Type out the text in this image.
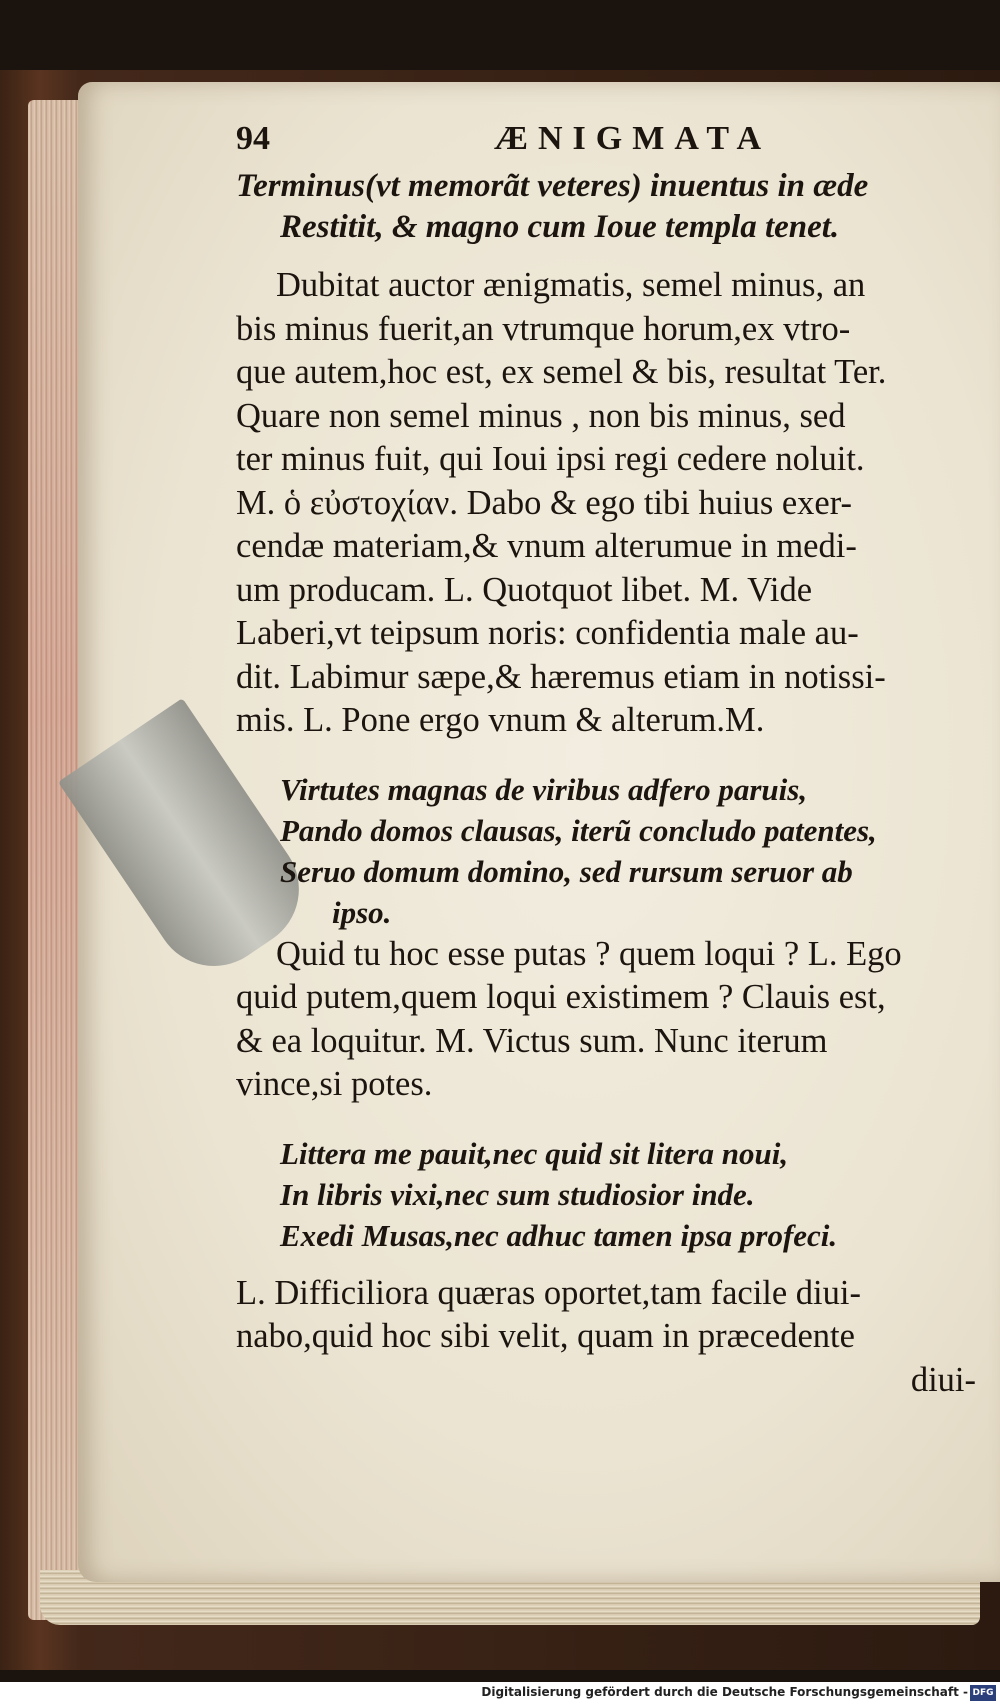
94	ÆNIGMATA
Terminus(vt memorãt veteres) inuentus in æde
Restitit, & magno cum Ioue templa tenet.
Dubitat auctor ænigmatis, semel minus, an
bis minus fuerit,an vtrumque horum,ex vtro-
que autem,hoc est, ex semel & bis, resultat Ter.
Quare non semel minus , non bis minus, sed
ter minus fuit, qui Ioui ipsi regi cedere noluit.
M. ὁ εὐστοχίαν. Dabo & ego tibi huius exer-
cendæ materiam,& vnum alterumue in medi-
um producam. L. Quotquot libet. M. Vide
Laberi,vt teipsum noris: confidentia male au-
dit. Labimur sæpe,& hæremus etiam in notissi-
mis. L. Pone ergo vnum & alterum.M.
Virtutes magnas de viribus adfero paruis,
Pando domos clausas, iterũ concludo patentes,
Seruo domum domino, sed rursum seruor ab
ipso.
Quid tu hoc esse putas ? quem loqui ? L. Ego
quid putem,quem loqui existimem ? Clauis est,
& ea loquitur. M. Victus sum. Nunc iterum
vince,si potes.
Littera me pauit,nec quid sit litera noui,
In libris vixi,nec sum studiosior inde.
Exedi Musas,nec adhuc tamen ipsa profeci.
L. Difficiliora quæras oportet,tam facile diui-
nabo,quid hoc sibi velit, quam in præcedente
diui-
Digitalisierung gefördert durch die Deutsche Forschungsgemeinschaft - DFG
